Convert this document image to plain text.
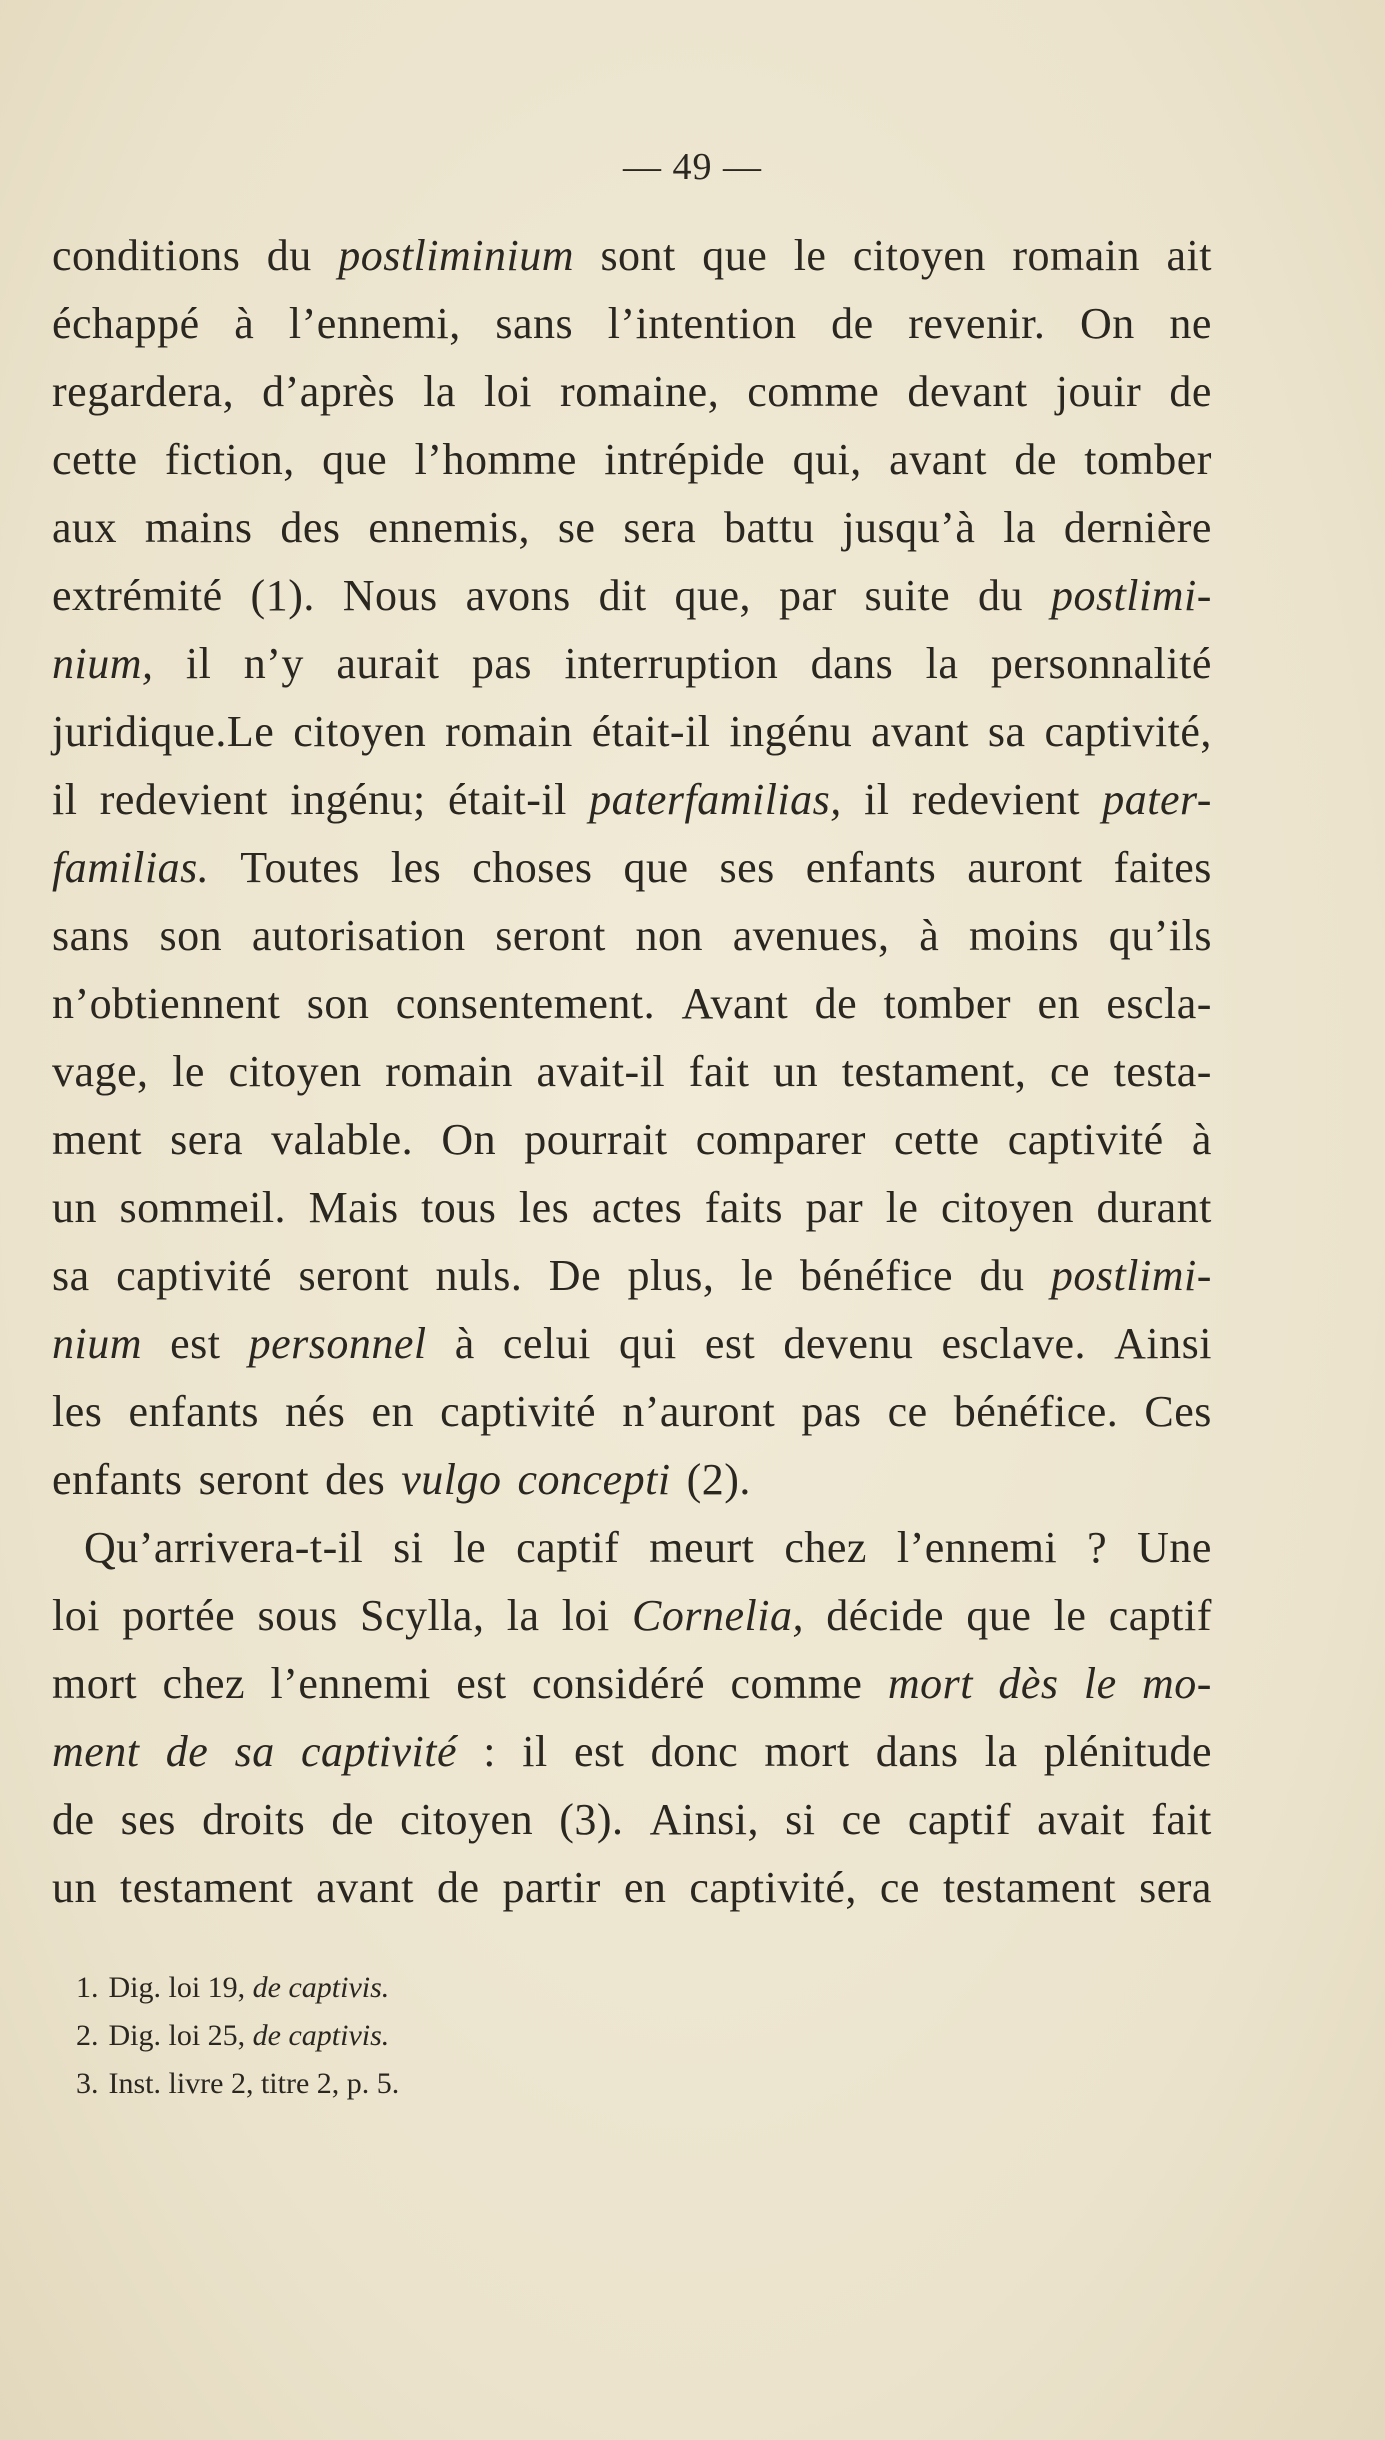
— 49 —
conditions du postliminium sont que le citoyen romain ait
échappé à l’ennemi, sans l’intention de revenir. On ne
regardera, d’après la loi romaine, comme devant jouir de
cette fiction, que l’homme intrépide qui, avant de tomber
aux mains des ennemis, se sera battu jusqu’à la dernière
extrémité (1). Nous avons dit que, par suite du postlimi-
nium, il n’y aurait pas interruption dans la personnalité
juridique.Le citoyen romain était-il ingénu avant sa captivité,
il redevient ingénu; était-il paterfamilias, il redevient pater-
familias. Toutes les choses que ses enfants auront faites
sans son autorisation seront non avenues, à moins qu’ils
n’obtiennent son consentement. Avant de tomber en escla-
vage, le citoyen romain avait-il fait un testament, ce testa-
ment sera valable. On pourrait comparer cette captivité à
un sommeil. Mais tous les actes faits par le citoyen durant
sa captivité seront nuls. De plus, le bénéfice du postlimi-
nium est personnel à celui qui est devenu esclave. Ainsi
les enfants nés en captivité n’auront pas ce bénéfice. Ces
enfants seront des vulgo concepti (2).
Qu’arrivera-t-il si le captif meurt chez l’ennemi ? Une
loi portée sous Scylla, la loi Cornelia, décide que le captif
mort chez l’ennemi est considéré comme mort dès le mo-
ment de sa captivité : il est donc mort dans la plénitude
de ses droits de citoyen (3). Ainsi, si ce captif avait fait
un testament avant de partir en captivité, ce testament sera
1. Dig. loi 19, de captivis.
2. Dig. loi 25, de captivis.
3. Inst. livre 2, titre 2, p. 5.
